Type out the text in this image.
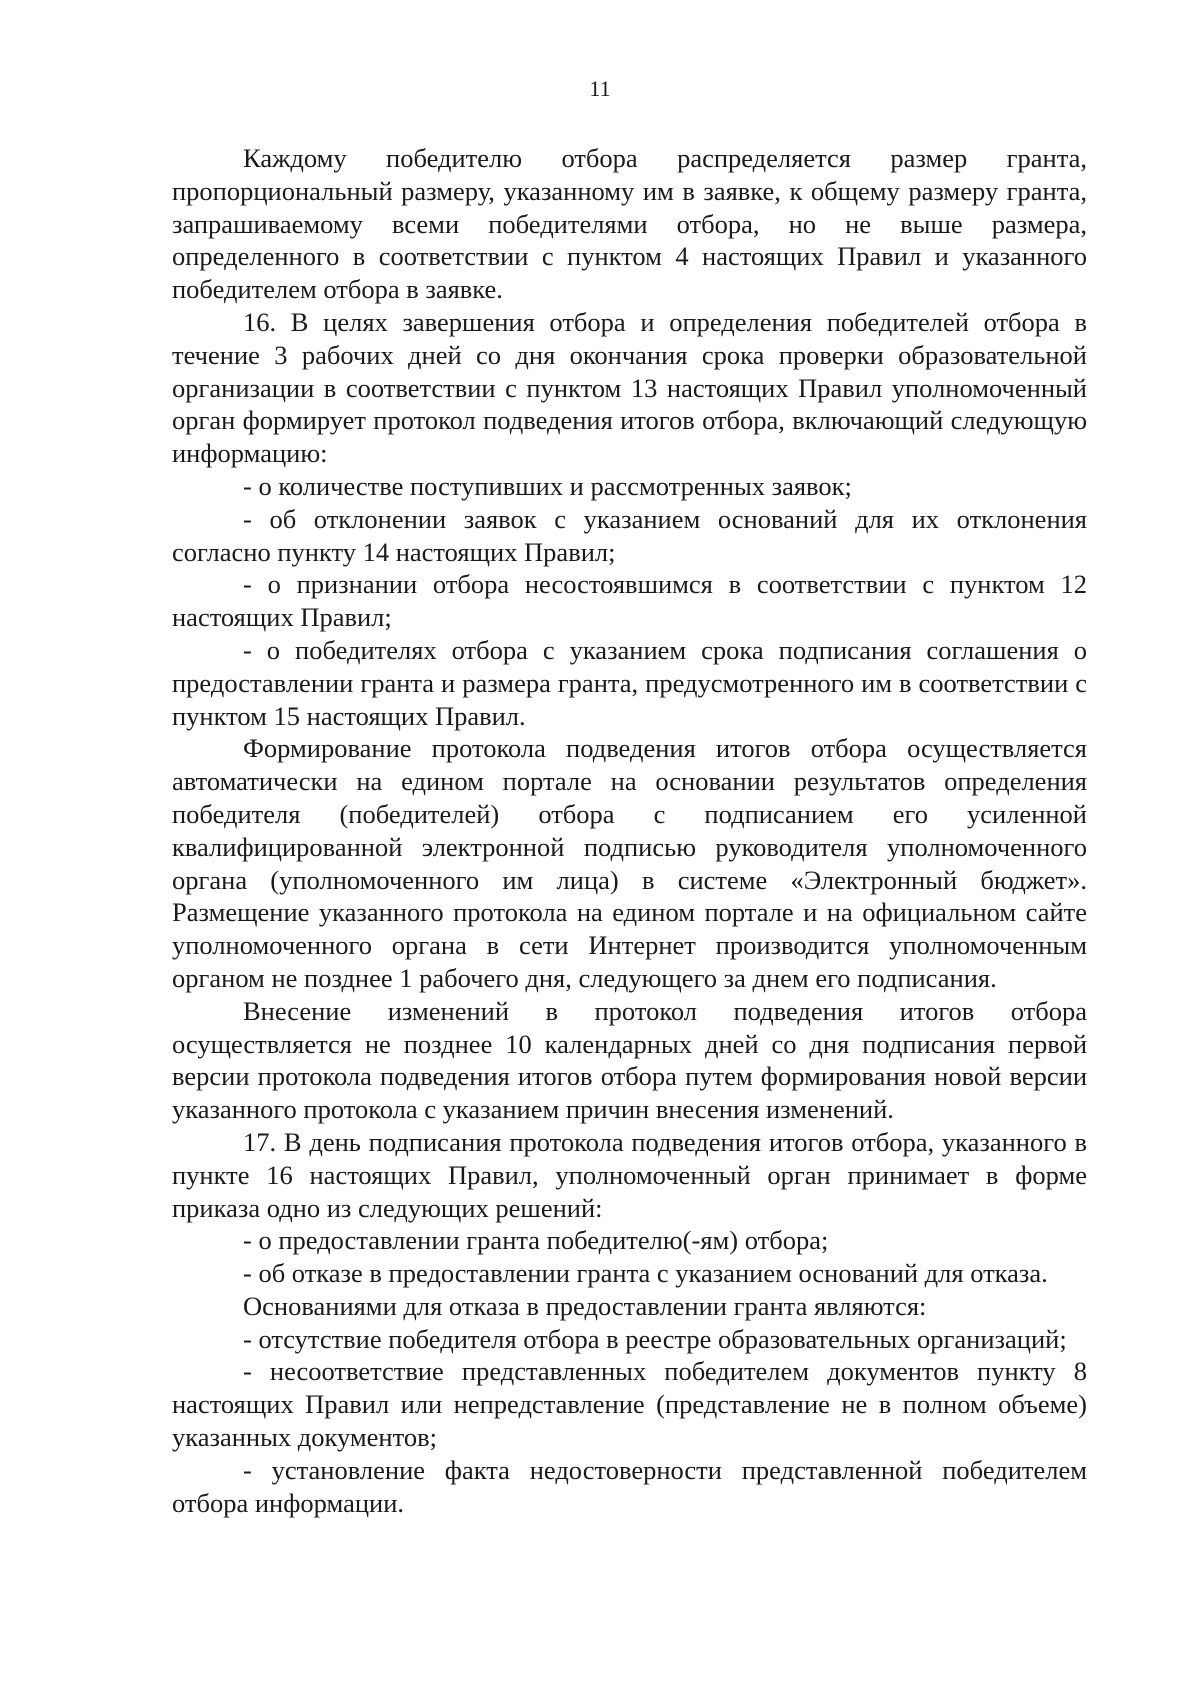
11

Каждому победителю отбора распределяется размер гранта, пропорциональный размеру, указанному им в заявке, к общему размеру гранта, запрашиваемому всеми победителями отбора, но не выше размера, определенного в соответствии с пунктом 4 настоящих Правил и указанного победителем отбора в заявке.

16. В целях завершения отбора и определения победителей отбора в течение 3 рабочих дней со дня окончания срока проверки образовательной организации в соответствии с пунктом 13 настоящих Правил уполномоченный орган формирует протокол подведения итогов отбора, включающий следующую информацию:

- о количестве поступивших и рассмотренных заявок;

- об отклонении заявок с указанием оснований для их отклонения согласно пункту 14 настоящих Правил;

- о признании отбора несостоявшимся в соответствии с пунктом 12 настоящих Правил;

- о победителях отбора с указанием срока подписания соглашения о предоставлении гранта и размера гранта, предусмотренного им в соответствии с пунктом 15 настоящих Правил.

Формирование протокола подведения итогов отбора осуществляется автоматически на едином портале на основании результатов определения победителя (победителей) отбора с подписанием его усиленной квалифицированной электронной подписью руководителя уполномоченного органа (уполномоченного им лица) в системе «Электронный бюджет». Размещение указанного протокола на едином портале и на официальном сайте уполномоченного органа в сети Интернет производится уполномоченным органом не позднее 1 рабочего дня, следующего за днем его подписания.

Внесение изменений в протокол подведения итогов отбора осуществляется не позднее 10 календарных дней со дня подписания первой версии протокола подведения итогов отбора путем формирования новой версии указанного протокола с указанием причин внесения изменений.

17. В день подписания протокола подведения итогов отбора, указанного в пункте 16 настоящих Правил, уполномоченный орган принимает в форме приказа одно из следующих решений:

- о предоставлении гранта победителю(-ям) отбора;

- об отказе в предоставлении гранта с указанием оснований для отказа.

Основаниями для отказа в предоставлении гранта являются:

- отсутствие победителя отбора в реестре образовательных организаций;

- несоответствие представленных победителем документов пункту 8 настоящих Правил или непредставление (представление не в полном объеме) указанных документов;

- установление факта недостоверности представленной победителем отбора информации.
